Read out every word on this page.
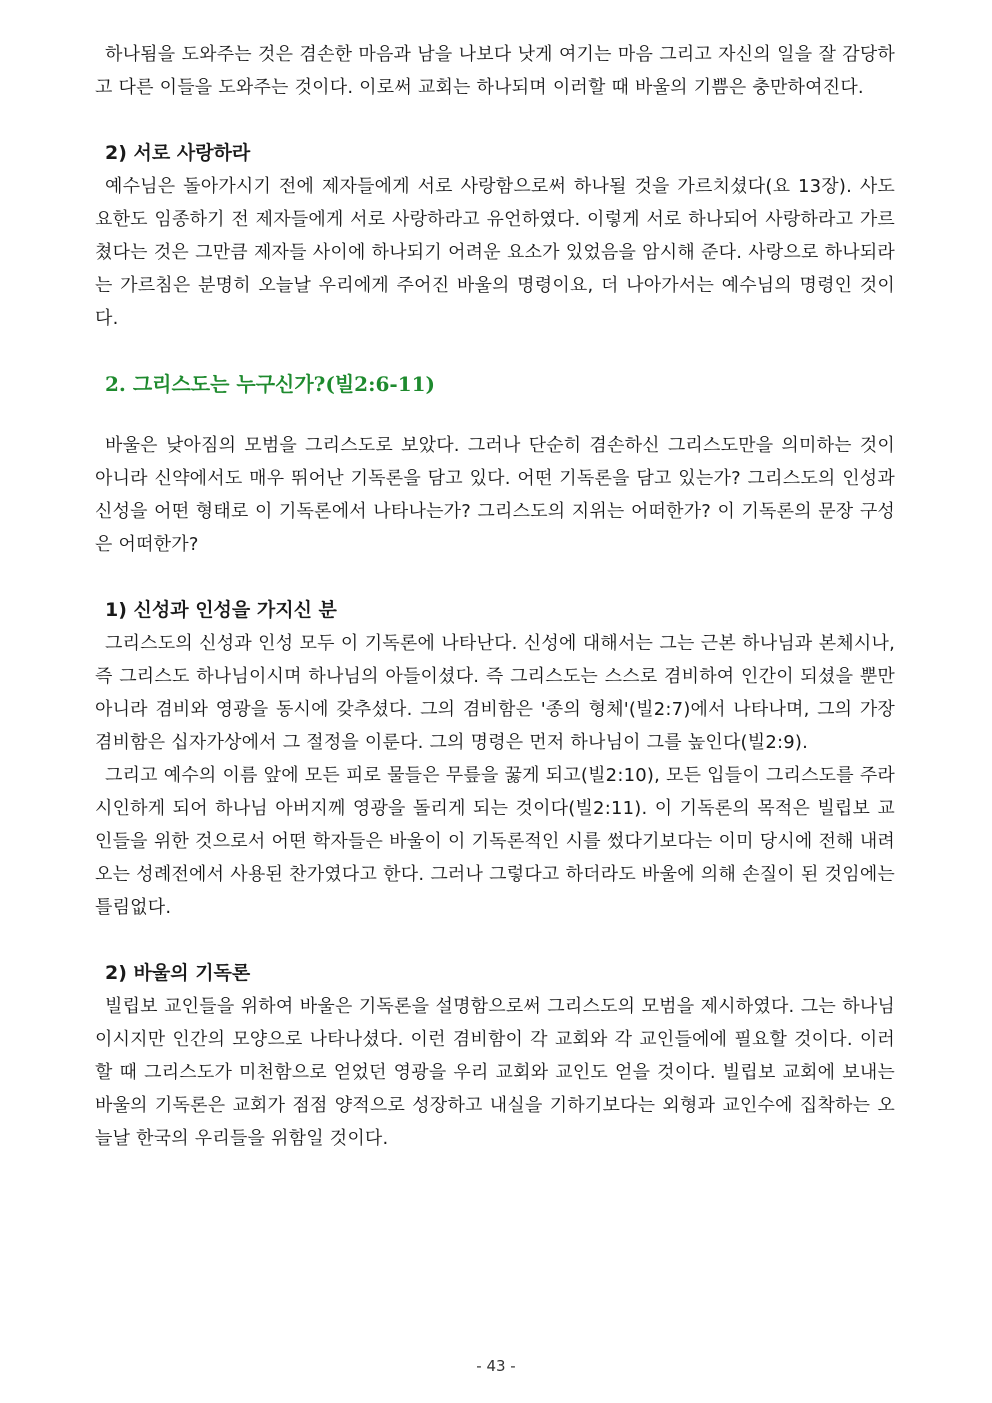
하나됨을 도와주는 것은 겸손한 마음과 남을 나보다 낫게 여기는 마음 그리고 자신의 일을 잘 감당하고 다른 이들을 도와주는 것이다. 이로써 교회는 하나되며 이러할 때 바울의 기쁨은 충만하여진다.

2) 서로 사랑하라

예수님은 돌아가시기 전에 제자들에게 서로 사랑함으로써 하나될 것을 가르치셨다(요 13장). 사도 요한도 임종하기 전 제자들에게 서로 사랑하라고 유언하였다. 이렇게 서로 하나되어 사랑하라고 가르쳤다는 것은 그만큼 제자들 사이에 하나되기 어려운 요소가 있었음을 암시해 준다. 사랑으로 하나되라는 가르침은 분명히 오늘날 우리에게 주어진 바울의 명령이요, 더 나아가서는 예수님의 명령인 것이다.

2. 그리스도는 누구신가?(빌2:6-11)

바울은 낮아짐의 모범을 그리스도로 보았다. 그러나 단순히 겸손하신 그리스도만을 의미하는 것이 아니라 신약에서도 매우 뛰어난 기독론을 담고 있다. 어떤 기독론을 담고 있는가? 그리스도의 인성과 신성을 어떤 형태로 이 기독론에서 나타나는가? 그리스도의 지위는 어떠한가? 이 기독론의 문장 구성은 어떠한가?

1) 신성과 인성을 가지신 분

그리스도의 신성과 인성 모두 이 기독론에 나타난다. 신성에 대해서는 그는 근본 하나님과 본체시나, 즉 그리스도 하나님이시며 하나님의 아들이셨다. 즉 그리스도는 스스로 겸비하여 인간이 되셨을 뿐만 아니라 겸비와 영광을 동시에 갖추셨다. 그의 겸비함은 '종의 형체'(빌2:7)에서 나타나며, 그의 가장 겸비함은 십자가상에서 그 절정을 이룬다. 그의 명령은 먼저 하나님이 그를 높인다(빌2:9).

그리고 예수의 이름 앞에 모든 피로 물들은 무릎을 꿇게 되고(빌2:10), 모든 입들이 그리스도를 주라 시인하게 되어 하나님 아버지께 영광을 돌리게 되는 것이다(빌2:11). 이 기독론의 목적은 빌립보 교인들을 위한 것으로서 어떤 학자들은 바울이 이 기독론적인 시를 썼다기보다는 이미 당시에 전해 내려오는 성례전에서 사용된 찬가였다고 한다. 그러나 그렇다고 하더라도 바울에 의해 손질이 된 것임에는 틀림없다.

2) 바울의 기독론

빌립보 교인들을 위하여 바울은 기독론을 설명함으로써 그리스도의 모범을 제시하였다. 그는 하나님이시지만 인간의 모양으로 나타나셨다. 이런 겸비함이 각 교회와 각 교인들에에 필요할 것이다. 이러할 때 그리스도가 미천함으로 얻었던 영광을 우리 교회와 교인도 얻을 것이다. 빌립보 교회에 보내는 바울의 기독론은 교회가 점점 양적으로 성장하고 내실을 기하기보다는 외형과 교인수에 집착하는 오늘날 한국의 우리들을 위함일 것이다.

- 43 -
